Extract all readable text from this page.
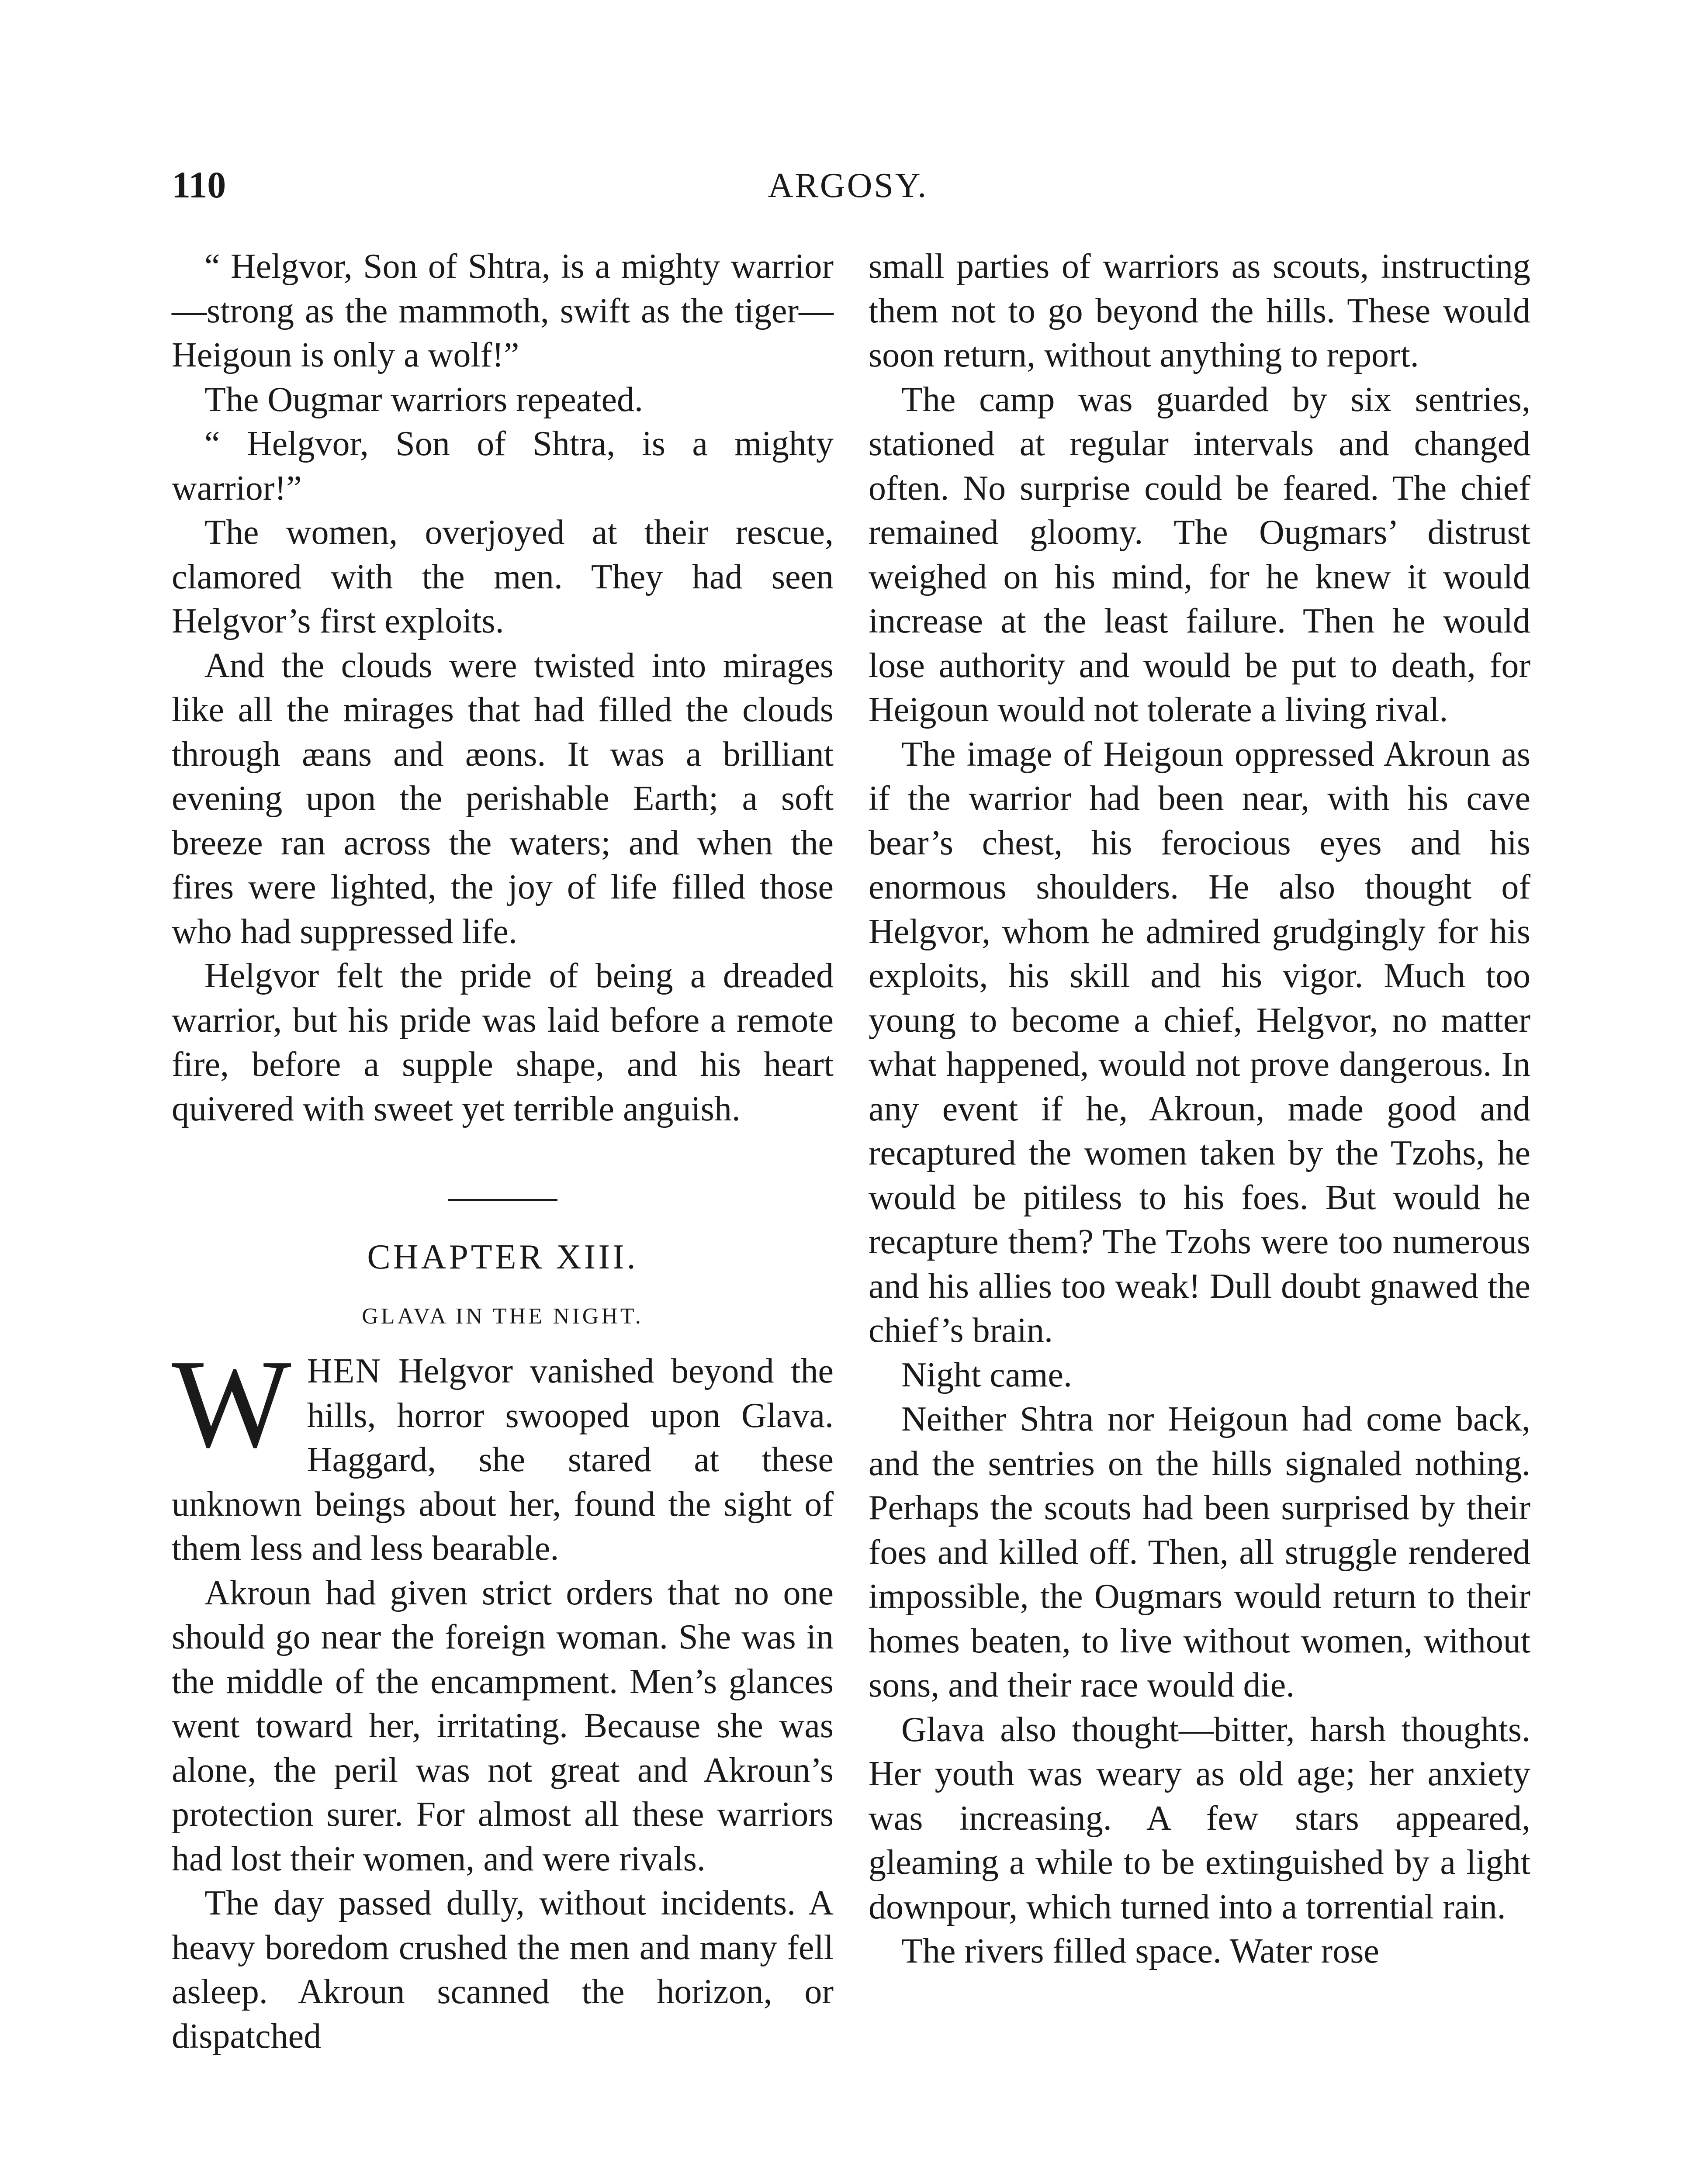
110	ARGOSY.

“ Helgvor, Son of Shtra, is a mighty warrior—strong as the mammoth, swift as the tiger—Heigoun is only a wolf!”

The Ougmar warriors repeated.

“ Helgvor, Son of Shtra, is a mighty warrior!”

The women, overjoyed at their rescue, clamored with the men. They had seen Helgvor’s first exploits.

And the clouds were twisted into mirages like all the mirages that had filled the clouds through æans and æons. It was a brilliant evening upon the perishable Earth; a soft breeze ran across the waters; and when the fires were lighted, the joy of life filled those who had suppressed life.

Helgvor felt the pride of being a dreaded warrior, but his pride was laid before a remote fire, before a supple shape, and his heart quivered with sweet yet terrible anguish.

CHAPTER XIII.
GLAVA IN THE NIGHT.

WHEN Helgvor vanished beyond the hills, horror swooped upon Glava. Haggard, she stared at these unknown beings about her, found the sight of them less and less bearable.

Akroun had given strict orders that no one should go near the foreign woman. She was in the middle of the encampment. Men’s glances went toward her, irritating. Because she was alone, the peril was not great and Akroun’s protection surer. For almost all these warriors had lost their women, and were rivals.

The day passed dully, without incidents. A heavy boredom crushed the men and many fell asleep. Akroun scanned the horizon, or dispatched

small parties of warriors as scouts, instructing them not to go beyond the hills. These would soon return, without anything to report.

The camp was guarded by six sentries, stationed at regular intervals and changed often. No surprise could be feared. The chief remained gloomy. The Ougmars’ distrust weighed on his mind, for he knew it would increase at the least failure. Then he would lose authority and would be put to death, for Heigoun would not tolerate a living rival.

The image of Heigoun oppressed Akroun as if the warrior had been near, with his cave bear’s chest, his ferocious eyes and his enormous shoulders. He also thought of Helgvor, whom he admired grudgingly for his exploits, his skill and his vigor. Much too young to become a chief, Helgvor, no matter what happened, would not prove dangerous. In any event if he, Akroun, made good and recaptured the women taken by the Tzohs, he would be pitiless to his foes. But would he recapture them? The Tzohs were too numerous and his allies too weak! Dull doubt gnawed the chief’s brain.

Night came.

Neither Shtra nor Heigoun had come back, and the sentries on the hills signaled nothing. Perhaps the scouts had been surprised by their foes and killed off. Then, all struggle rendered impossible, the Ougmars would return to their homes beaten, to live without women, without sons, and their race would die.

Glava also thought—bitter, harsh thoughts. Her youth was weary as old age; her anxiety was increasing. A few stars appeared, gleaming a while to be extinguished by a light downpour, which turned into a torrential rain.

The rivers filled space. Water rose
